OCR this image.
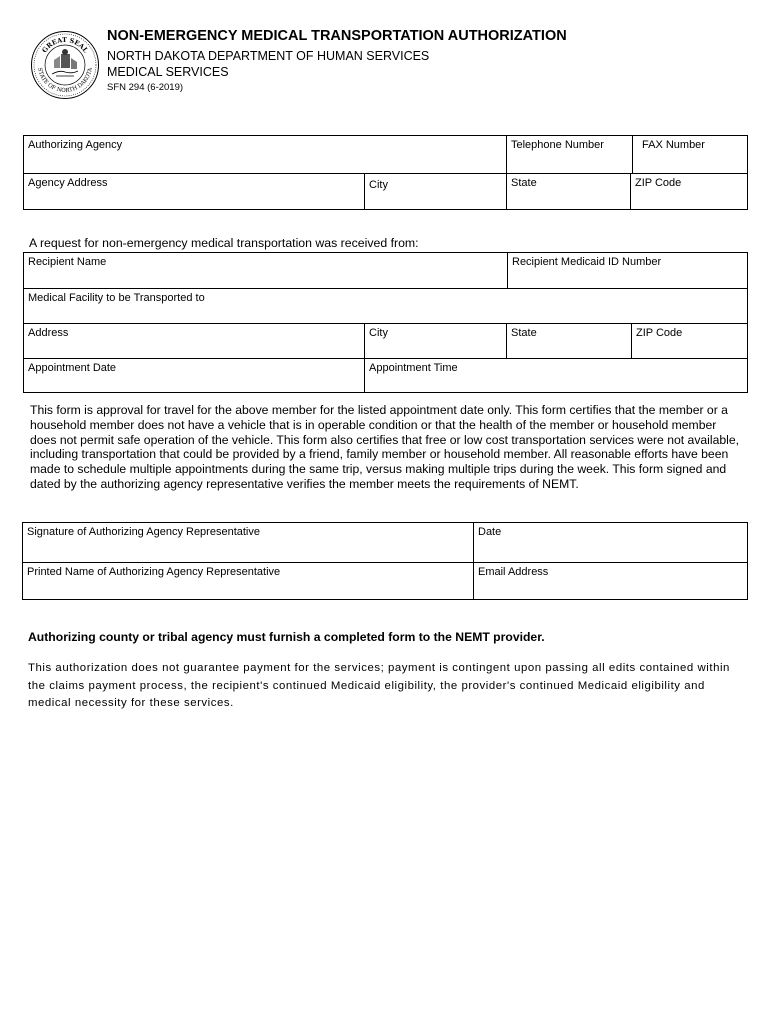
GREAT SEAL
STATE OF NORTH DAKOTA
NON-EMERGENCY MEDICAL TRANSPORTATION AUTHORIZATION
NORTH DAKOTA DEPARTMENT OF HUMAN SERVICES
MEDICAL SERVICES
SFN 294 (6-2019)
Authorizing Agency	Telephone Number	FAX Number
Agency Address	City	State	ZIP Code
A request for non-emergency medical transportation was received from:
Recipient Name	Recipient Medicaid ID Number
Medical Facility to be Transported to
Address	City	State	ZIP Code
Appointment Date	Appointment Time
This form is approval for travel for the above member for the listed appointment date only. This form certifies that the member or a household member does not have a vehicle that is in operable condition or that the health of the member or household member does not permit safe operation of the vehicle. This form also certifies that free or low cost transportation services were not available, including transportation that could be provided by a friend, family member or household member. All reasonable efforts have been made to schedule multiple appointments during the same trip, versus making multiple trips during the week. This form signed and dated by the authorizing agency representative verifies the member meets the requirements of NEMT.
Signature of Authorizing Agency Representative	Date
Printed Name of Authorizing Agency Representative	Email Address
Authorizing county or tribal agency must furnish a completed form to the NEMT provider.
This authorization does not guarantee payment for the services; payment is contingent upon passing all edits contained within the claims payment process, the recipient's continued Medicaid eligibility, the provider's continued Medicaid eligibility and medical necessity for these services.
